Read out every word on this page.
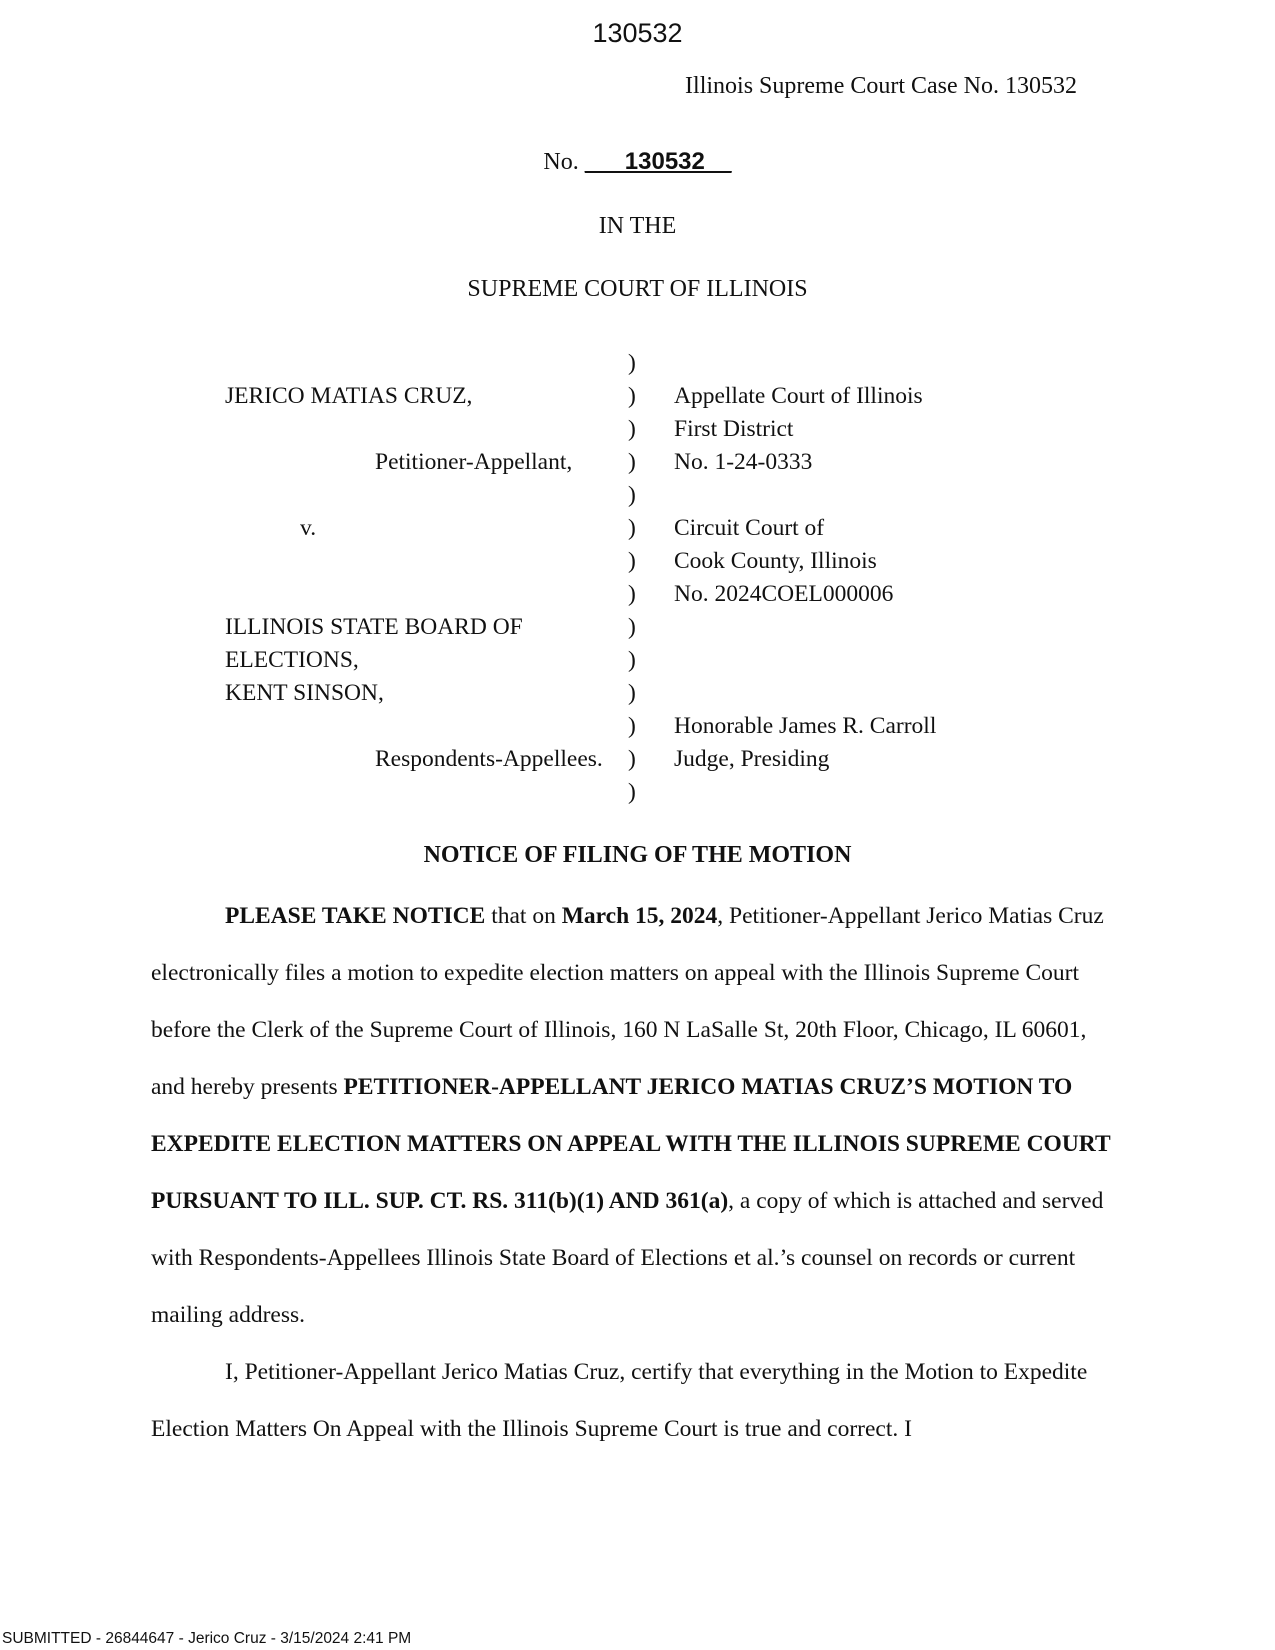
130532
Illinois Supreme Court Case No. 130532
No. ___130532__
IN THE
SUPREME COURT OF ILLINOIS
)
JERICO MATIAS CRUZ,	) Appellate Court of Illinois
) First District
Petitioner-Appellant, ) No. 1-24-0333
)
v.	) Circuit Court of
) Cook County, Illinois
) No. 2024COEL000006
ILLINOIS STATE BOARD OF	)
ELECTIONS,	)
KENT SINSON,	)
) Honorable James R. Carroll
Respondents-Appellees. ) Judge, Presiding
)
NOTICE OF FILING OF THE MOTION

PLEASE TAKE NOTICE that on March 15, 2024, Petitioner-Appellant Jerico Matias Cruz electronically files a motion to expedite election matters on appeal with the Illinois Supreme Court before the Clerk of the Supreme Court of Illinois, 160 N LaSalle St, 20th Floor, Chicago, IL 60601, and hereby presents PETITIONER-APPELLANT JERICO MATIAS CRUZ’S MOTION TO EXPEDITE ELECTION MATTERS ON APPEAL WITH THE ILLINOIS SUPREME COURT PURSUANT TO ILL. SUP. CT. RS. 311(b)(1) AND 361(a), a copy of which is attached and served with Respondents-Appellees Illinois State Board of Elections et al.’s counsel on records or current mailing address.

I, Petitioner-Appellant Jerico Matias Cruz, certify that everything in the Motion to Expedite Election Matters On Appeal with the Illinois Supreme Court is true and correct. I

SUBMITTED - 26844647 - Jerico Cruz - 3/15/2024 2:41 PM
